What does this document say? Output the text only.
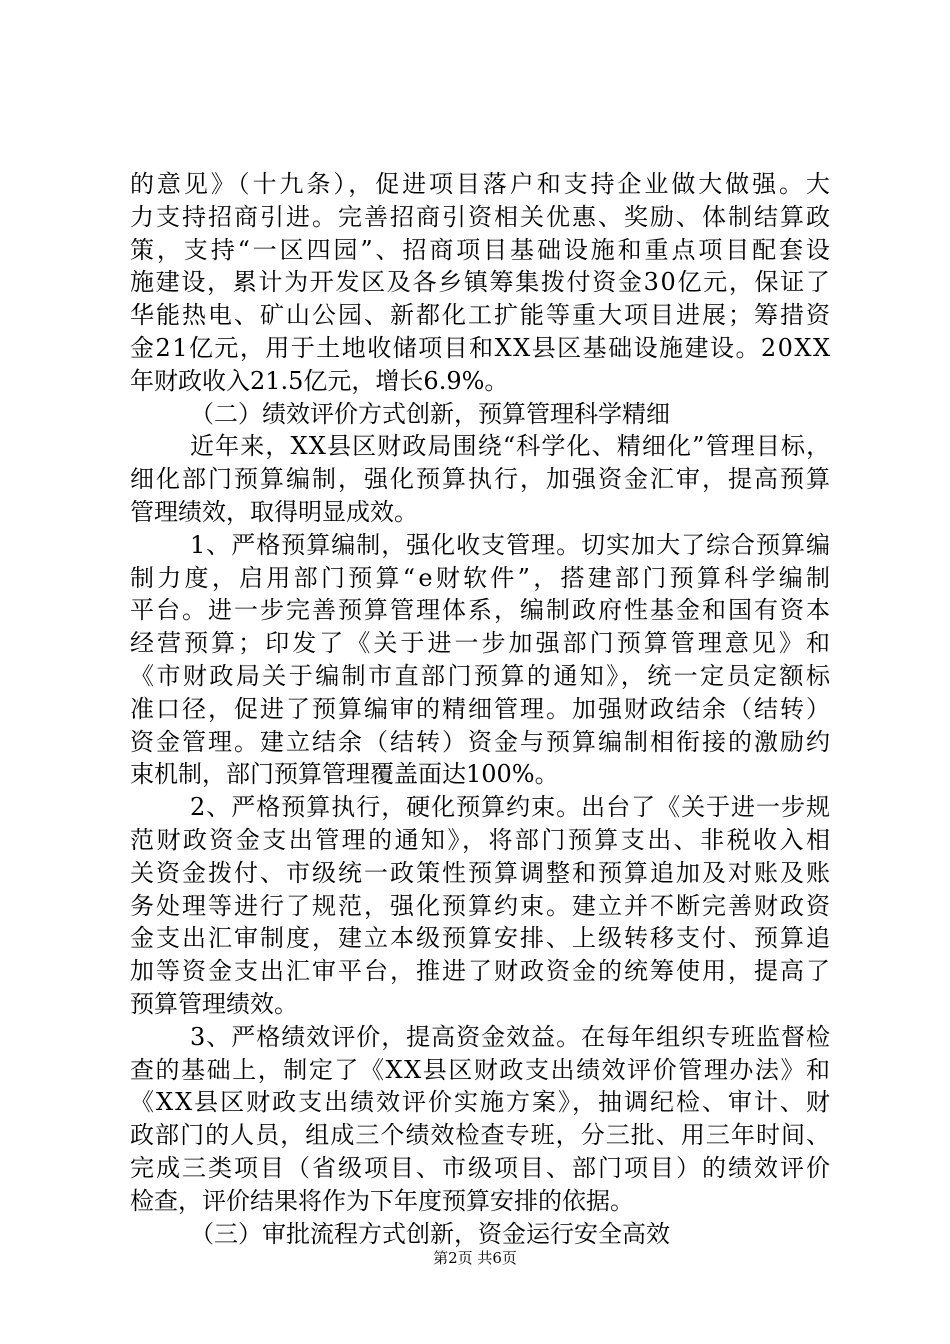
的意见》（十九条），促进项目落户和支持企业做大做强。大
力支持招商引进。完善招商引资相关优惠、奖励、体制结算政
策，支持“一区四园”、招商项目基础设施和重点项目配套设
施建设，累计为开发区及各乡镇筹集拨付资金30亿元，保证了
华能热电、矿山公园、新都化工扩能等重大项目进展；筹措资
金21亿元，用于土地收储项目和XX县区基础设施建设。20XX
年财政收入21.5亿元，增长6.9%。
（二）绩效评价方式创新，预算管理科学精细
近年来，XX县区财政局围绕“科学化、精细化”管理目标，
细化部门预算编制，强化预算执行，加强资金汇审，提高预算
管理绩效，取得明显成效。
1、严格预算编制，强化收支管理。切实加大了综合预算编
制力度，启用部门预算“e财软件”，搭建部门预算科学编制
平台。进一步完善预算管理体系，编制政府性基金和国有资本
经营预算；印发了《关于进一步加强部门预算管理意见》和
《市财政局关于编制市直部门预算的通知》，统一定员定额标
准口径，促进了预算编审的精细管理。加强财政结余（结转）
资金管理。建立结余（结转）资金与预算编制相衔接的激励约
束机制，部门预算管理覆盖面达100%。
2、严格预算执行，硬化预算约束。出台了《关于进一步规
范财政资金支出管理的通知》，将部门预算支出、非税收入相
关资金拨付、市级统一政策性预算调整和预算追加及对账及账
务处理等进行了规范，强化预算约束。建立并不断完善财政资
金支出汇审制度，建立本级预算安排、上级转移支付、预算追
加等资金支出汇审平台，推进了财政资金的统筹使用，提高了
预算管理绩效。
3、严格绩效评价，提高资金效益。在每年组织专班监督检
查的基础上，制定了《XX县区财政支出绩效评价管理办法》和
《XX县区财政支出绩效评价实施方案》，抽调纪检、审计、财
政部门的人员，组成三个绩效检查专班，分三批、用三年时间、
完成三类项目（省级项目、市级项目、部门项目）的绩效评价
检查，评价结果将作为下年度预算安排的依据。
（三）审批流程方式创新，资金运行安全高效
第2页 共6页
